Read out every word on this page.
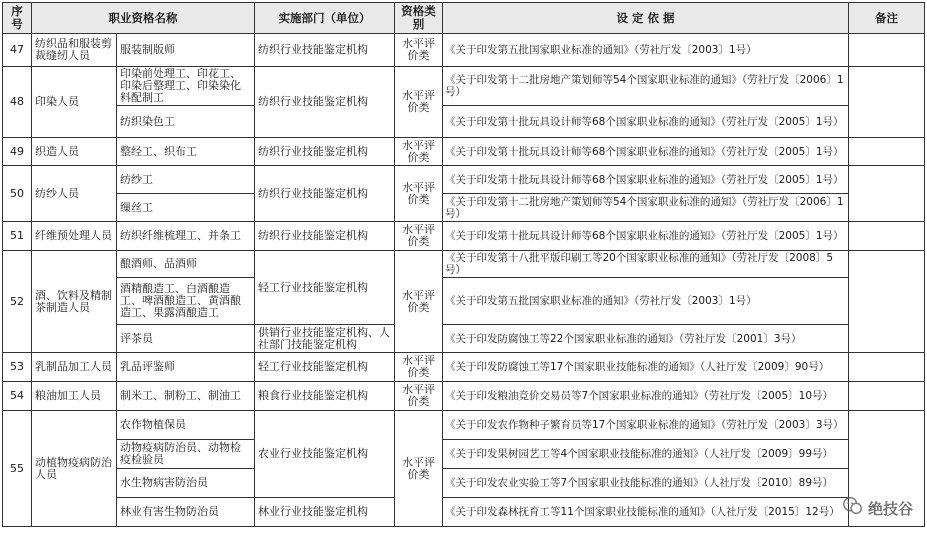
序号	职业资格名称		实施部门（单位）	资格类别	设 定 依 据	备注
47	纺织品和服装剪裁缝纫人员	服装制版师	纺织行业技能鉴定机构	水平评价类	《关于印发第五批国家职业标准的通知》（劳社厅发〔2003〕1号）	
48	印染人员	印染前处理工、印花工、印染后整理工、印染染化料配制工	纺织行业技能鉴定机构	水平评价类	《关于印发第十二批房地产策划师等54个国家职业标准的通知》（劳社厅发〔2006〕1号）	
		纺织染色工			《关于印发第十批玩具设计师等68个国家职业标准的通知》（劳社厅发〔2005〕1号）	
49	织造人员	整经工、织布工	纺织行业技能鉴定机构	水平评价类	《关于印发第十批玩具设计师等68个国家职业标准的通知》（劳社厅发〔2005〕1号）	
50	纺纱人员	纺纱工	纺织行业技能鉴定机构	水平评价类	《关于印发第十批玩具设计师等68个国家职业标准的通知》（劳社厅发〔2005〕1号）	
		缫丝工			《关于印发第十二批房地产策划师等54个国家职业标准的通知》（劳社厅发〔2006〕1号）	
51	纤维预处理人员	纺织纤维梳理工、并条工	纺织行业技能鉴定机构	水平评价类	《关于印发第十批玩具设计师等68个国家职业标准的通知》（劳社厅发〔2005〕1号）	
52	酒、饮料及精制茶制造人员	酿酒师、品酒师	轻工行业技能鉴定机构	水平评价类	《关于印发第十八批平版印刷工等20个国家职业标准的通知》（劳社厅发〔2008〕5号）	
		酒精酿造工、白酒酿造工、啤酒酿造工、黄酒酿造工、果露酒酿造工			《关于印发第五批国家职业标准的通知》（劳社厅发〔2003〕1号）	
		评茶员	供销行业技能鉴定机构、人社部门技能鉴定机构		《关于印发防腐蚀工等22个国家职业标准的通知》（劳社厅发〔2001〕3号）	
53	乳制品加工人员	乳品评鉴师	轻工行业技能鉴定机构	水平评价类	《关于印发防腐蚀工等17个国家职业技能标准的通知》（人社厅发〔2009〕90号）	
54	粮油加工人员	制米工、制粉工、制油工	粮食行业技能鉴定机构	水平评价类	《关于印发粮油竞价交易员等7个国家职业标准的通知》（劳社厅发〔2005〕10号）	
55	动植物疫病防治人员	农作物植保员	农业行业技能鉴定机构	水平评价类	《关于印发农作物种子繁育员等17个国家职业标准的通知》（劳社厅发〔2003〕3号）	
		动物疫病防治员、动物检疫检验员			《关于印发果树园艺工等4个国家职业技能标准的通知》（人社厅发〔2009〕99号）	
		水生物病害防治员			《关于印发农业实验工等7个国家职业技能标准的通知》（人社厅发〔2010〕89号）	
		林业有害生物防治员	林业行业技能鉴定机构		《关于印发森林抚育工等11个国家职业技能标准的通知》（人社厅发〔2015〕12号）	绝技谷
